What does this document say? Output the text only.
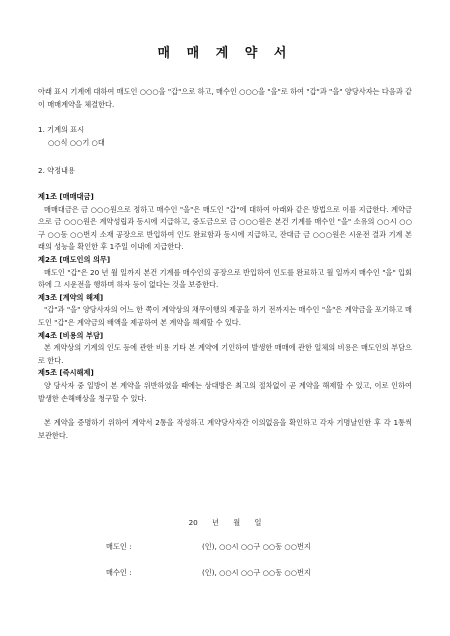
매 매 계 약 서

아래 표시 기계에 대하여 매도인 ○○○을 "갑"으로 하고, 매수인 ○○○을 "을"로 하여 "갑"과 "을" 양당사자는 다음과 같이 매매계약을 체결한다.

1. 기계의 표시

○○식 ○○기 ○대

2. 약정내용

제1조 [매매대금]

매매대금은 금 ○○○원으로 정하고 매수인 "을"은 매도인 "갑"에 대하여 아래와 같은 방법으로 이를 지급한다. 계약금으로 금 ○○○원은 계약성립과 동시에 지급하고, 중도금으로 금 ○○○원은 본건 기계를 매수인 "을" 소유의 ○○시 ○○구 ○○동 ○○번지 소재 공장으로 반입하여 인도 완료함과 동시에 지급하고, 잔대금 금 ○○○원은 시운전 결과 기계 본래의 성능을 확인한 후 1주일 이내에 지급한다.

제2조 [매도인의 의무]

매도인 "갑"은 20 년 월 일까지 본건 기계를 매수인의 공장으로 반입하여 인도를 완료하고 월 일까지 매수인 "을" 입회 하에 그 시운전을 행하며 하자 등이 없다는 것을 보증한다.

제3조 [계약의 해제]

"갑"과 "을" 양당사자의 어느 한 쪽이 계약상의 채무이행의 제공을 하기 전까지는 매수인 "을"은 계약금을 포기하고 매도인 "갑"은 계약금의 배액을 제공하여 본 계약을 해제할 수 있다.

제4조 [비용의 부담]

본 계약상의 기계의 인도 등에 관한 비용 기타 본 계약에 기인하여 발생한 매매에 관한 일체의 비용은 매도인의 부담으로 한다.

제5조 [즉시해제]

양 당사자 중 일방이 본 계약을 위반하였을 때에는 상대방은 최고의 절차없이 곧 계약을 해제할 수 있고, 이로 인하여 발생한 손해배상을 청구할 수 있다.

본 계약을 증명하기 위하여 계약서 2통을 작성하고 계약당사자간 이의없음을 확인하고 각자 기명날인한 후 각 1통씩 보관한다.

20 년 월 일
매도인 :	(인), ○○시 ○○구 ○○동 ○○번지
매수인 :	(인), ○○시 ○○구 ○○동 ○○번지
